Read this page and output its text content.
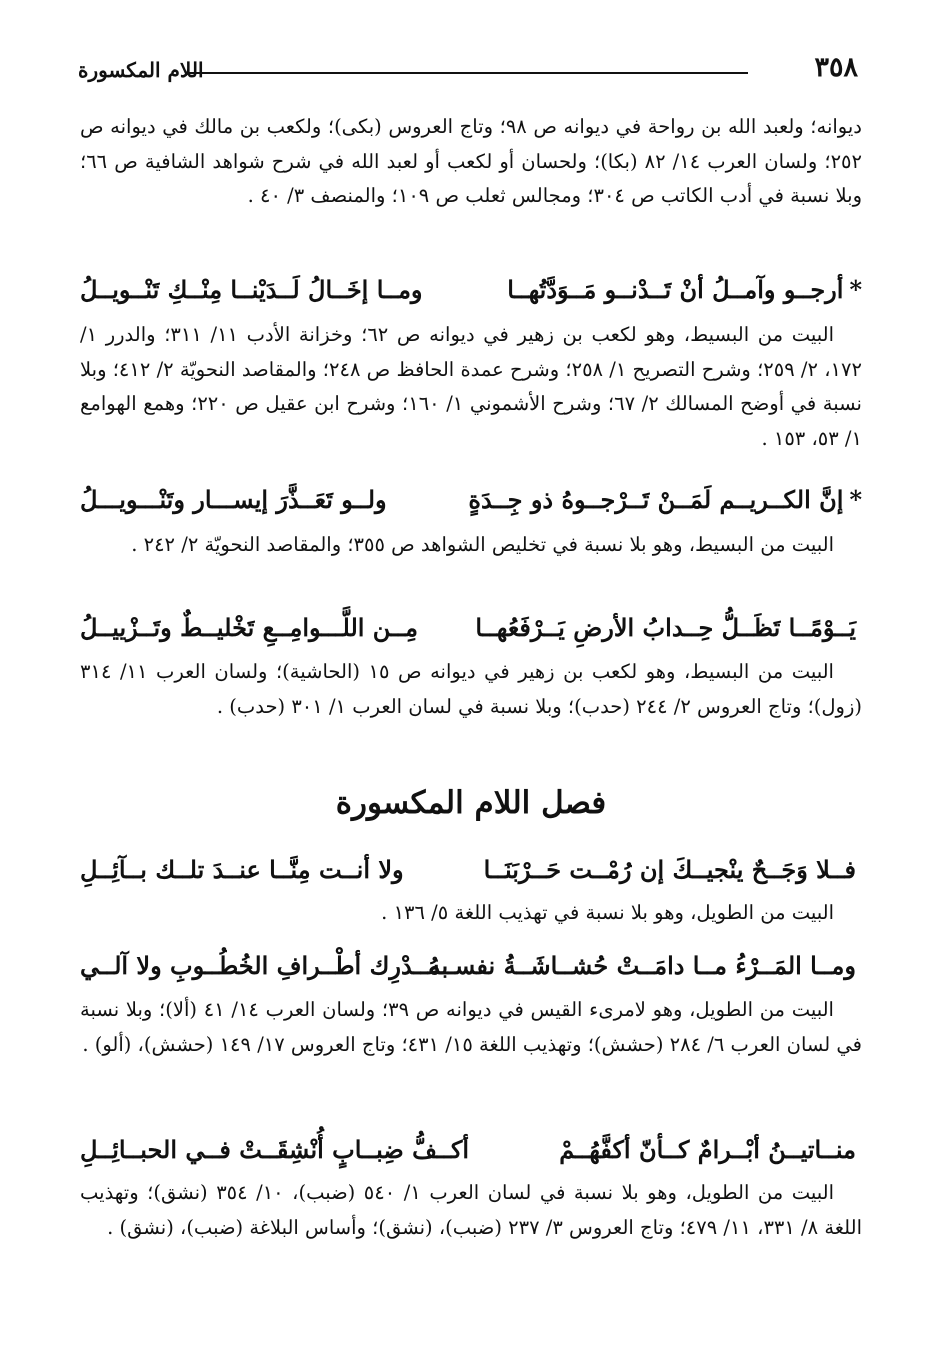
٣٥٨
اللام المكسورة

ديوانه؛ ولعبد الله بن رواحة في ديوانه ص ٩٨؛ وتاج العروس (بكى)؛ ولكعب بن مالك في ديوانه ص ٢٥٢؛ ولسان العرب ١٤/ ٨٢ (بكا)؛ ولحسان أو لكعب أو لعبد الله في شرح شواهد الشافية ص ٦٦؛ وبلا نسبة في أدب الكاتب ص ٣٠٤؛ ومجالس ثعلب ص ١٠٩؛ والمنصف ٣/ ٤٠ .

*أرجــو وآمــلُ أنْ تَــدْنــو مَــوَدَّتُهــا
ومــا إخَــالُ لَــدَيْنــا مِنْــكِ تَنْــويــلُ

البيت من البسيط، وهو لكعب بن زهير في ديوانه ص ٦٢؛ وخزانة الأدب ١١/ ٣١١؛ والدرر ١/ ١٧٢، ٢/ ٢٥٩؛ وشرح التصريح ١/ ٢٥٨؛ وشرح عمدة الحافظ ص ٢٤٨؛ والمقاصد النحويّة ٢/ ٤١٢؛ وبلا نسبة في أوضح المسالك ٢/ ٦٧؛ وشرح الأشموني ١/ ١٦٠؛ وشرح ابن عقيل ص ٢٢٠؛ وهمع الهوامع ١/ ٥٣، ١٥٣ .

*إنَّ الكــريــم لَمَــنْ تَــرْجــوهُ ذو جِــدَةٍ
ولــو تَعَــذَّرَ إيســـار وتَنْـــويـــلُ

البيت من البسيط، وهو بلا نسبة في تخليص الشواهد ص ٣٥٥؛ والمقاصد النحويّة ٢/ ٢٤٢ .

يَــوْمًــا تَظَــلُّ حِــدابُ الأرضِ يَــرْفَعُهــا
مِــن اللَّـــوامِــعِ تَخْليــطٌ وتَــزْييــلُ

البيت من البسيط، وهو لكعب بن زهير في ديوانه ص ١٥ (الحاشية)؛ ولسان العرب ١١/ ٣١٤ (زول)؛ وتاج العروس ٢/ ٢٤٤ (حدب)؛ وبلا نسبة في لسان العرب ١/ ٣٠١ (حدب) .

فصل اللام المكسورة
فــلا وَجَــحٌ ينْجيــكَ إن رُمْــت حَــرْبَنَــا
ولا أنــت مِنَّــا عنــدَ تلــك بــآئِــلِ

البيت من الطويل، وهو بلا نسبة في تهذيب اللغة ٥/ ١٣٦ .

ومــا المَــرْءُ مــا دامَــتْ حُشــاشَــةُ نفســه
بمُــدْرِك أطْــرافِ الخُطُــوبِ ولا آلــي

البيت من الطويل، وهو لامرىء القيس في ديوانه ص ٣٩؛ ولسان العرب ١٤/ ٤١ (ألا)؛ وبلا نسبة في لسان العرب ٦/ ٢٨٤ (حشش)؛ وتهذيب اللغة ١٥/ ٤٣١؛ وتاج العروس ١٧/ ١٤٩ (حشش)، (ألو) .

منــاتيــنُ أبْــرامٌ كــأنّ أكفَّهُــمْ
أكــفُّ ضِبــابٍ أُنْشِقَــتْ فــي الحبــائِــلِ

البيت من الطويل، وهو بلا نسبة في لسان العرب ١/ ٥٤٠ (ضبب)، ١٠/ ٣٥٤ (نشق)؛ وتهذيب اللغة ٨/ ٣٣١، ١١/ ٤٧٩؛ وتاج العروس ٣/ ٢٣٧ (ضبب)، (نشق)؛ وأساس البلاغة (ضبب)، (نشق) .
